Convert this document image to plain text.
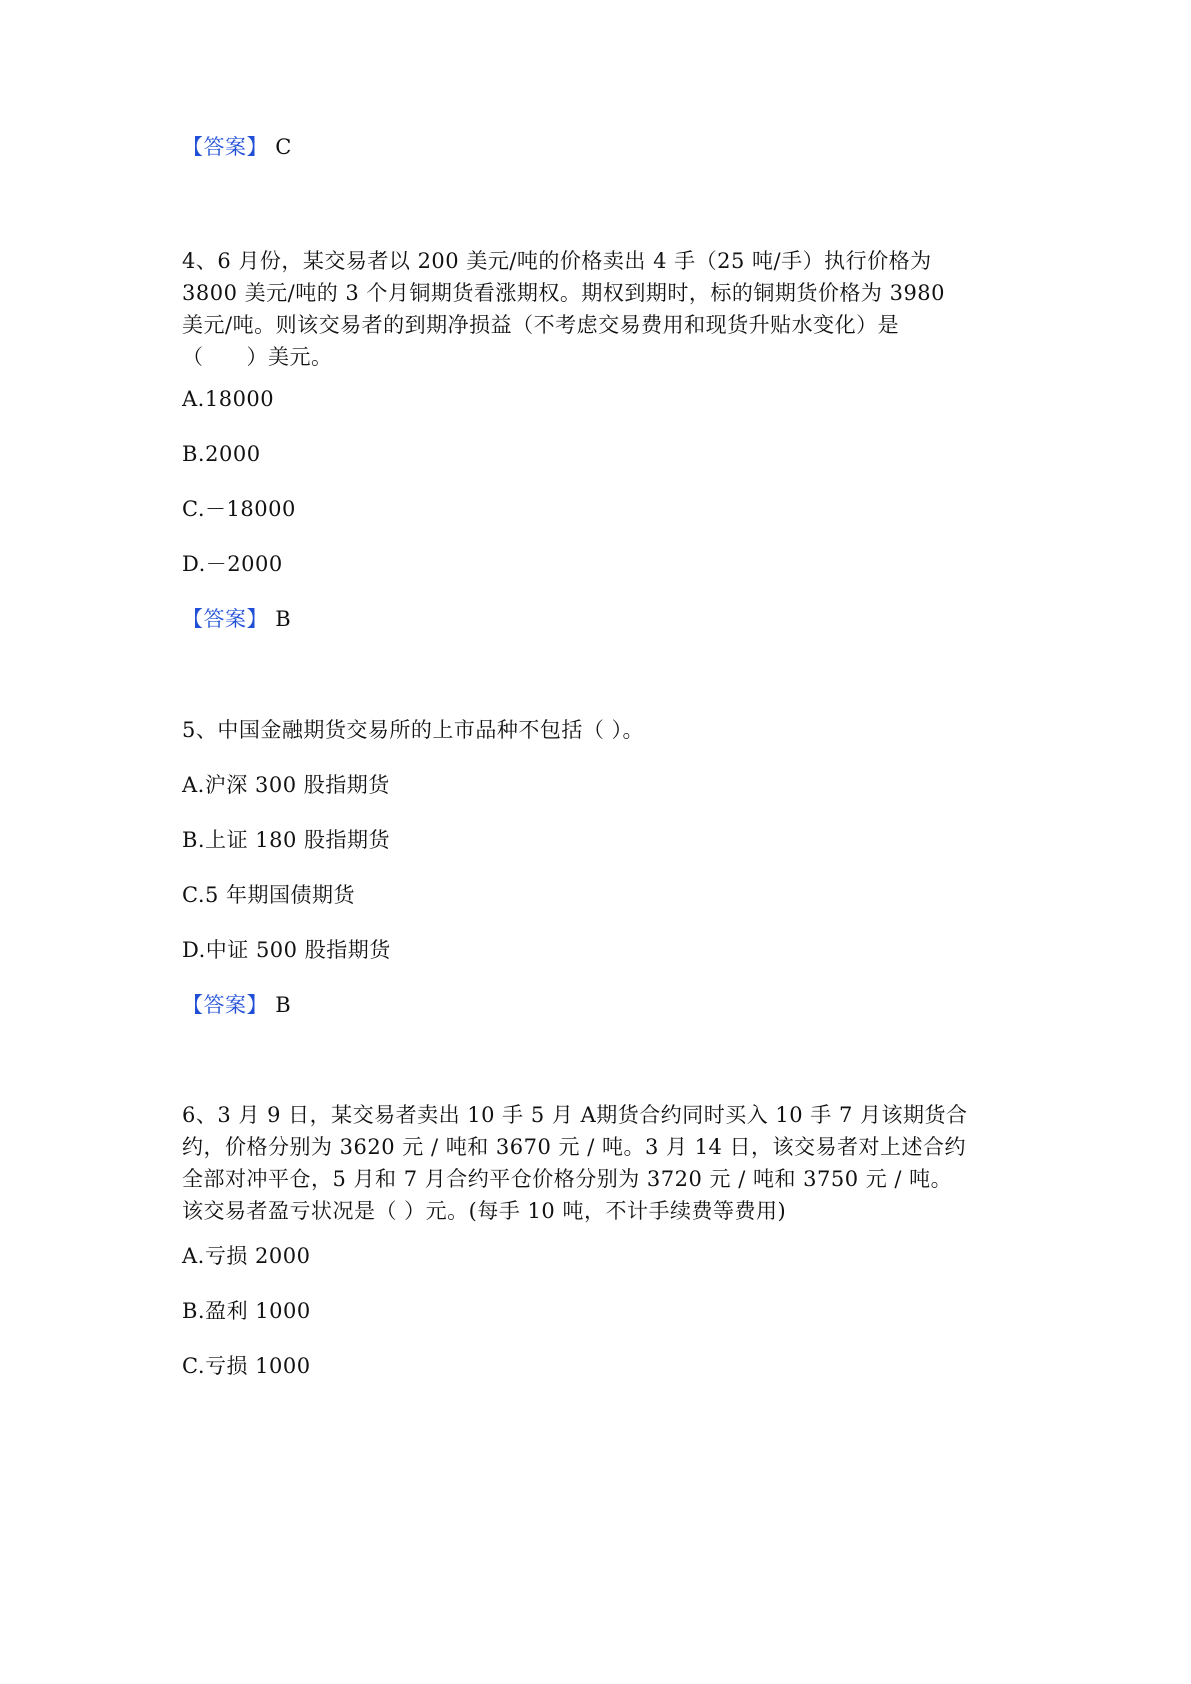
【答案】 C
4、6 月份，某交易者以 200 美元/吨的价格卖出 4 手（25 吨/手）执行价格为
3800 美元/吨的 3 个月铜期货看涨期权。期权到期时，标的铜期货价格为 3980
美元/吨。则该交易者的到期净损益（不考虑交易费用和现货升贴水变化）是
（　　）美元。
A.18000
B.2000
C.－18000
D.－2000
【答案】 B
5、中国金融期货交易所的上市品种不包括（ ）。
A.沪深 300 股指期货
B.上证 180 股指期货
C.5 年期国债期货
D.中证 500 股指期货
【答案】 B
6、3 月 9 日，某交易者卖出 10 手 5 月 A期货合约同时买入 10 手 7 月该期货合
约，价格分别为 3620 元 / 吨和 3670 元 / 吨。3 月 14 日，该交易者对上述合约
全部对冲平仓，5 月和 7 月合约平仓价格分别为 3720 元 / 吨和 3750 元 / 吨。
该交易者盈亏状况是（ ）元。(每手 10 吨，不计手续费等费用)
A.亏损 2000
B.盈利 1000
C.亏损 1000
